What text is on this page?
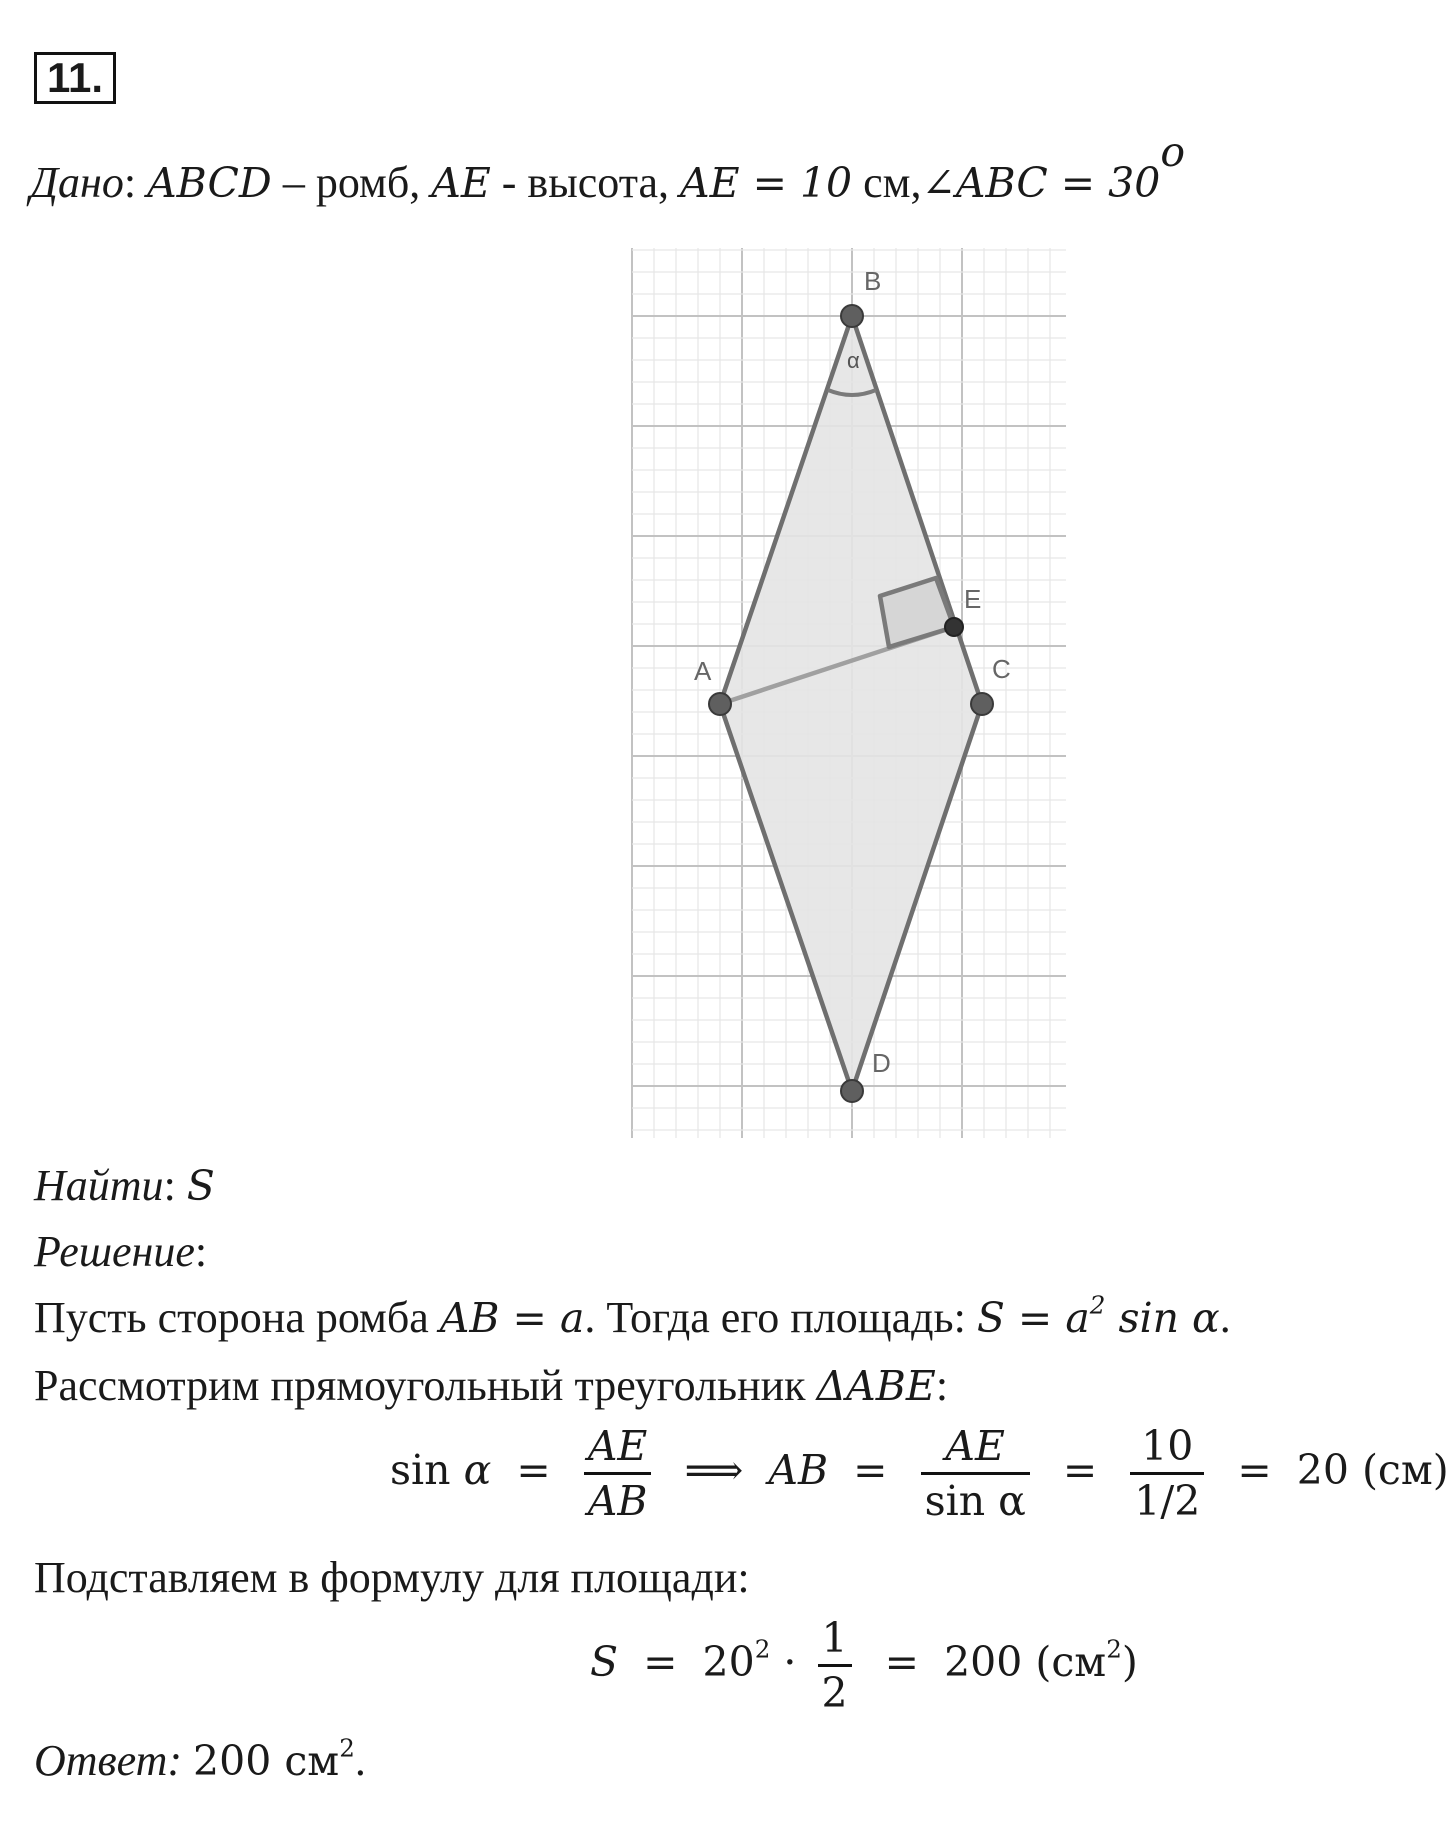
11.
Дано: ABCD – ромб, AE - высота, AE = 10 см,∠ABC = $30^o$
α
B
A	C
D
E
Найти: S
Решение:
Пусть сторона ромба AB = a. Тогда его площадь: $S = a^2$ sin α.
Рассмотрим прямоугольный треугольник ΔABE:
$\sin \alpha = \frac{AE}{AB}$ ⟹ AB = $\frac{AE}{\text{sin α}} = \frac{10}{1/2} = 20$ (см)
Подставляем в формулу для площади:
$S = 20^2 \cdot \frac{1}{2} = 200$ $(см^2)$
Ответ: 200 $см^2$.
